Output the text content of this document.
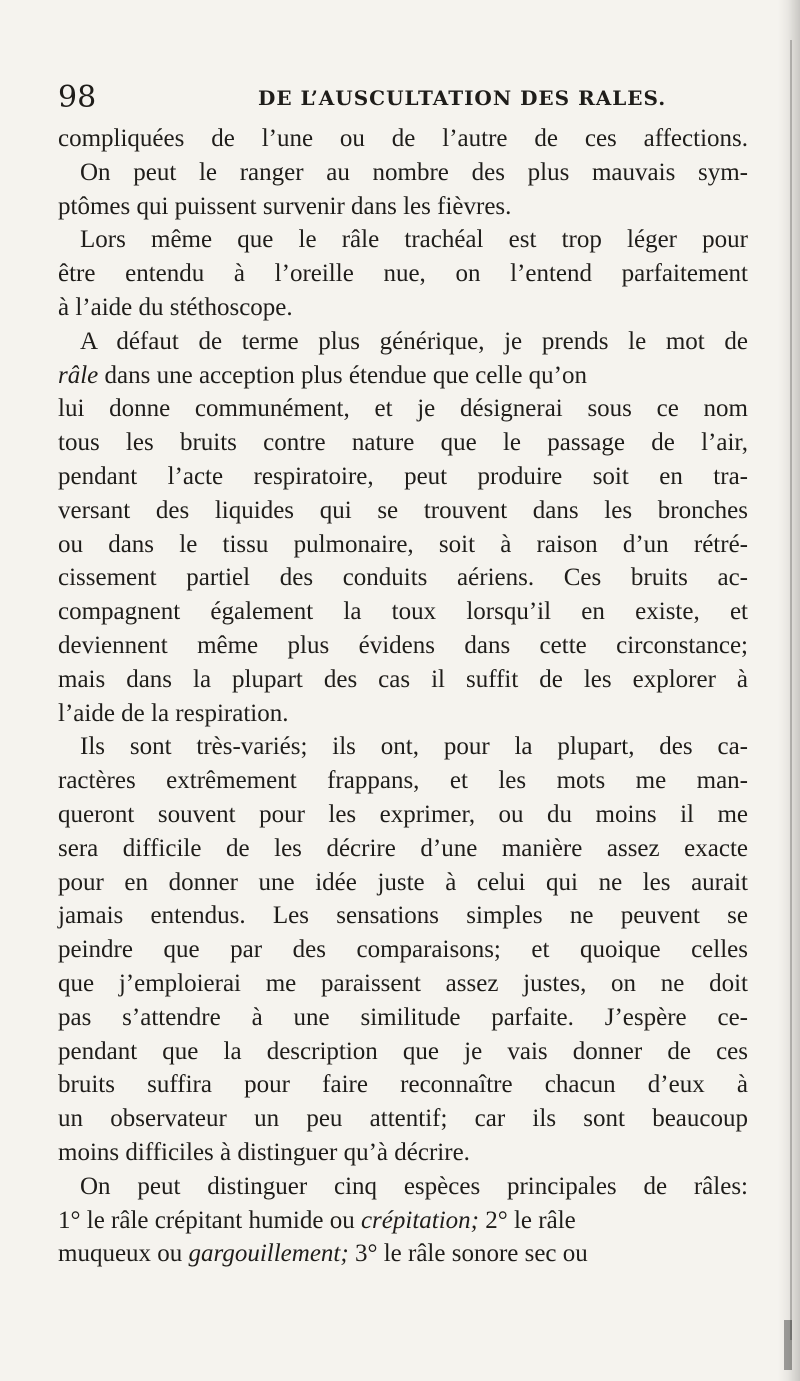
98	DE L’AUSCULTATION DES RALES.
compliquées de l’une ou de l’autre de ces affections.
On peut le ranger au nombre des plus mauvais sym-
ptômes qui puissent survenir dans les fièvres.
Lors même que le râle trachéal est trop léger pour
être entendu à l’oreille nue, on l’entend parfaitement
à l’aide du stéthoscope.
A défaut de terme plus générique, je prends le mot de
râle dans une acception plus étendue que celle qu’on
lui donne communément, et je désignerai sous ce nom
tous les bruits contre nature que le passage de l’air,
pendant l’acte respiratoire, peut produire soit en tra-
versant des liquides qui se trouvent dans les bronches
ou dans le tissu pulmonaire, soit à raison d’un rétré-
cissement partiel des conduits aériens. Ces bruits ac-
compagnent également la toux lorsqu’il en existe, et
deviennent même plus évidens dans cette circonstance;
mais dans la plupart des cas il suffit de les explorer à
l’aide de la respiration.
Ils sont très-variés; ils ont, pour la plupart, des ca-
ractères extrêmement frappans, et les mots me man-
queront souvent pour les exprimer, ou du moins il me
sera difficile de les décrire d’une manière assez exacte
pour en donner une idée juste à celui qui ne les aurait
jamais entendus. Les sensations simples ne peuvent se
peindre que par des comparaisons; et quoique celles
que j’emploierai me paraissent assez justes, on ne doit
pas s’attendre à une similitude parfaite. J’espère ce-
pendant que la description que je vais donner de ces
bruits suffira pour faire reconnaître chacun d’eux à
un observateur un peu attentif; car ils sont beaucoup
moins difficiles à distinguer qu’à décrire.
On peut distinguer cinq espèces principales de râles:
1° le râle crépitant humide ou crépitation; 2° le râle
muqueux ou gargouillement; 3° le râle sonore sec ou
